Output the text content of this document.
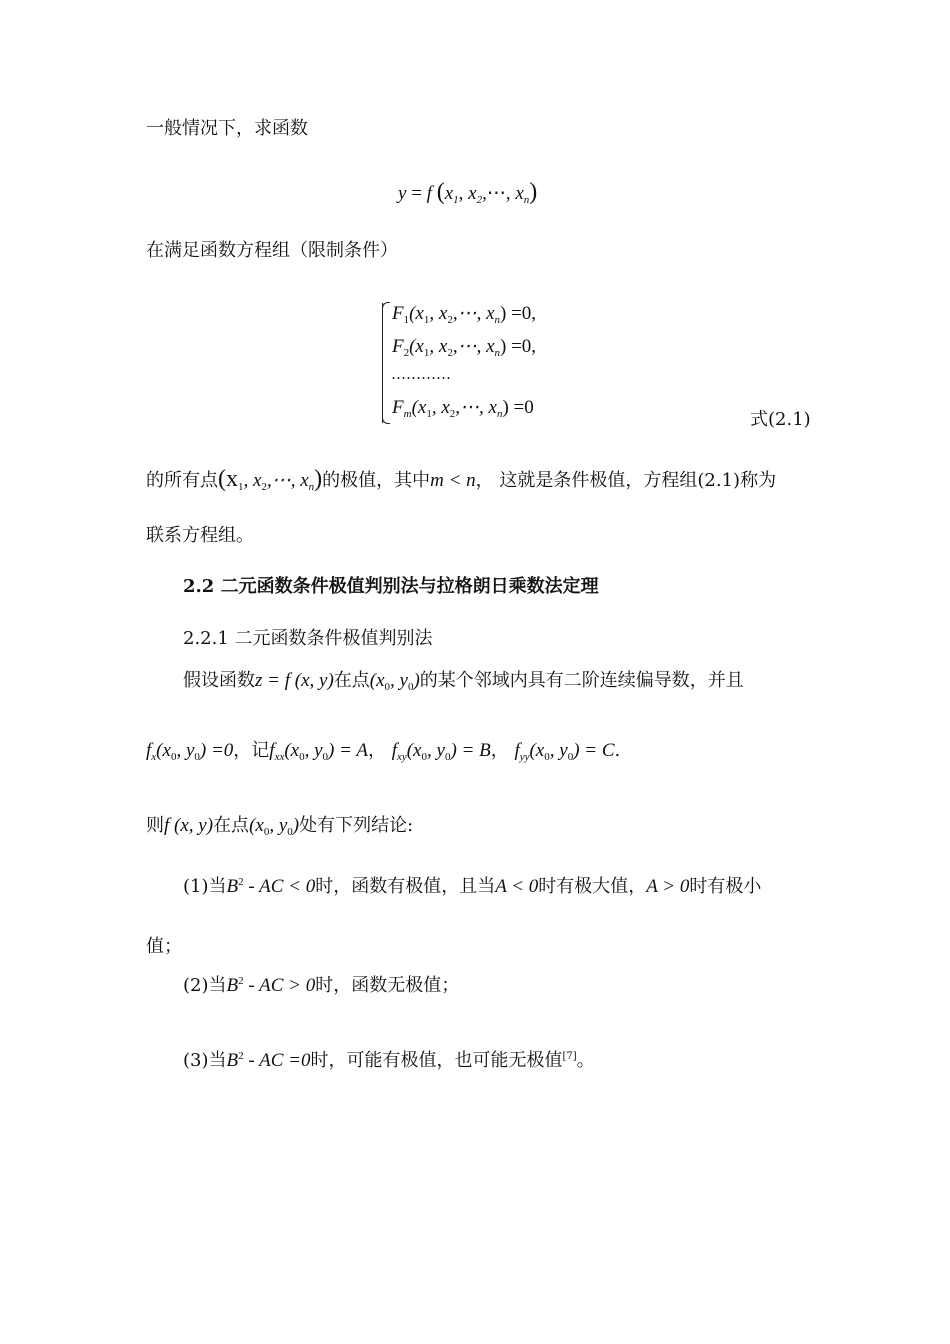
一般情况下，求函数
y = f ($x_1$, $x_2,\cdots$, $x_n$)
在满足函数方程组（限制条件）
$F_1(x_1$, $x_2,\cdots$, $x_n) =0$,
$F_2(x_1$, $x_2,\cdots$, $x_n) =0$,
…………
$F_m(x_1$, $x_2,\cdots$, $x_n) =0$
式(2.1)
的所有点($x_1$, $x_2,\cdots$, $x_n$)的极值，其中m < n， 这就是条件极值，方程组(2.1)称为
联系方程组。
2.2 二元函数条件极值判别法与拉格朗日乘数法定理
2.2.1 二元函数条件极值判别法
假设函数z = f (x, y)在点($x_0$, $y_0$)的某个邻域内具有二阶连续偏导数，并且
$f_x(x_0$, $y_0) =0$，记$f_{xx}(x_0$, $y_0) = A$， $f_{xy}(x_0$, $y_0) = B$， $f_{yy}(x_0$, $y_0) = C$.
则f (x, y)在点($x_0$, $y_0$)处有下列结论:
(1)当$B^2$ - AC < 0时，函数有极值，且当A < 0时有极大值，A > 0时有极小
值；
(2)当$B^2$ - AC > 0时，函数无极值；
(3)当$B^2$ - AC =0时，可能有极值，也可能无极值[7]。
